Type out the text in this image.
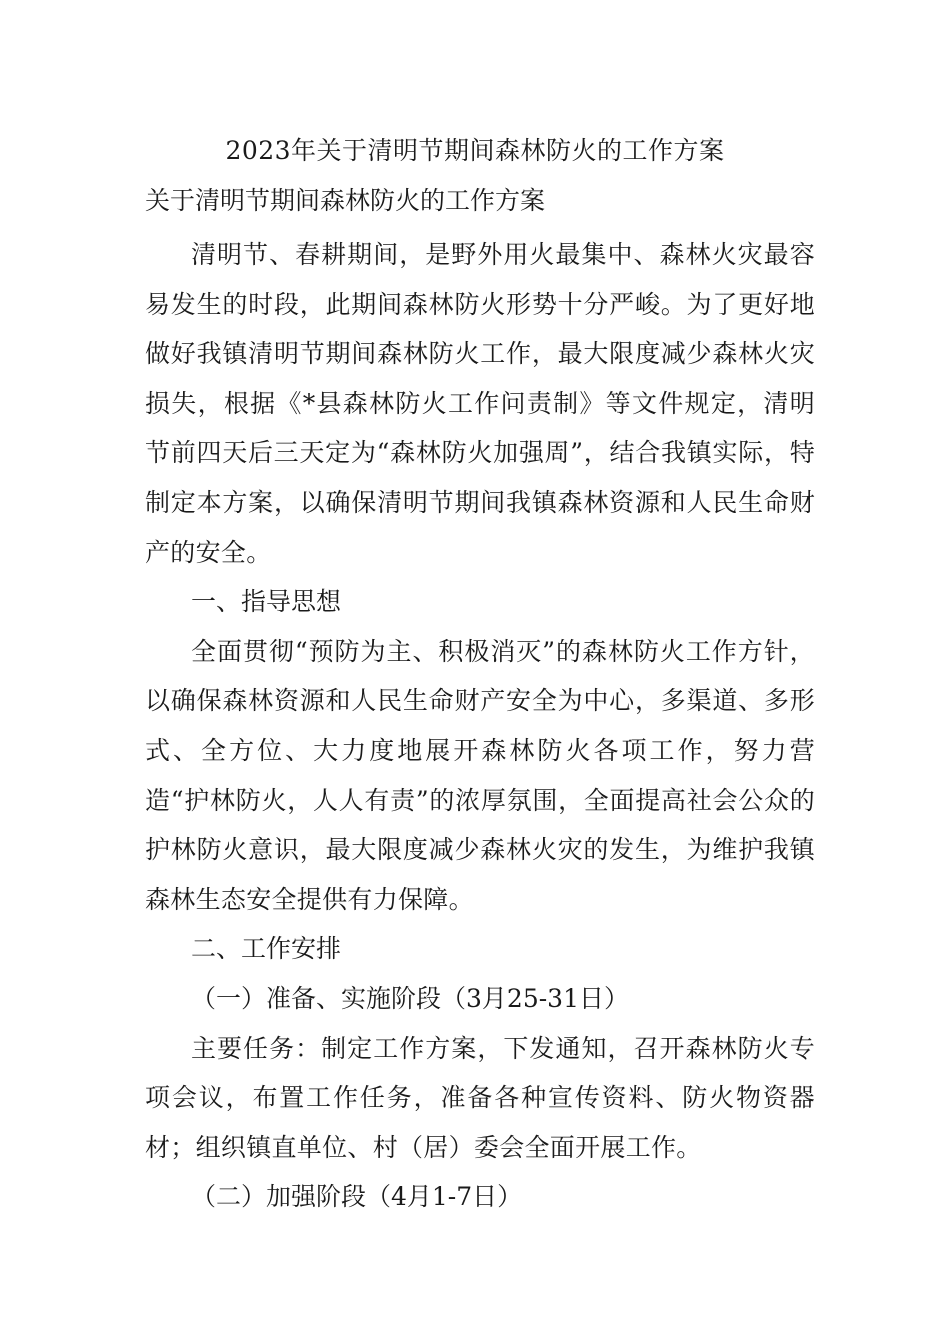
2023年关于清明节期间森林防火的工作方案
关于清明节期间森林防火的工作方案

清明节、春耕期间，是野外用火最集中、森林火灾最容易发生的时段，此期间森林防火形势十分严峻。为了更好地做好我镇清明节期间森林防火工作，最大限度减少森林火灾损失，根据《*县森林防火工作问责制》等文件规定，清明节前四天后三天定为“森林防火加强周”，结合我镇实际，特制定本方案，以确保清明节期间我镇森林资源和人民生命财产的安全。

一、指导思想

全面贯彻“预防为主、积极消灭”的森林防火工作方针，以确保森林资源和人民生命财产安全为中心，多渠道、多形式、全方位、大力度地展开森林防火各项工作，努力营造“护林防火，人人有责”的浓厚氛围，全面提高社会公众的护林防火意识，最大限度减少森林火灾的发生，为维护我镇森林生态安全提供有力保障。

二、工作安排

（一）准备、实施阶段（3月25-31日）

主要任务：制定工作方案，下发通知，召开森林防火专项会议，布置工作任务，准备各种宣传资料、防火物资器材；组织镇直单位、村（居）委会全面开展工作。

（二）加强阶段（4月1-7日）
